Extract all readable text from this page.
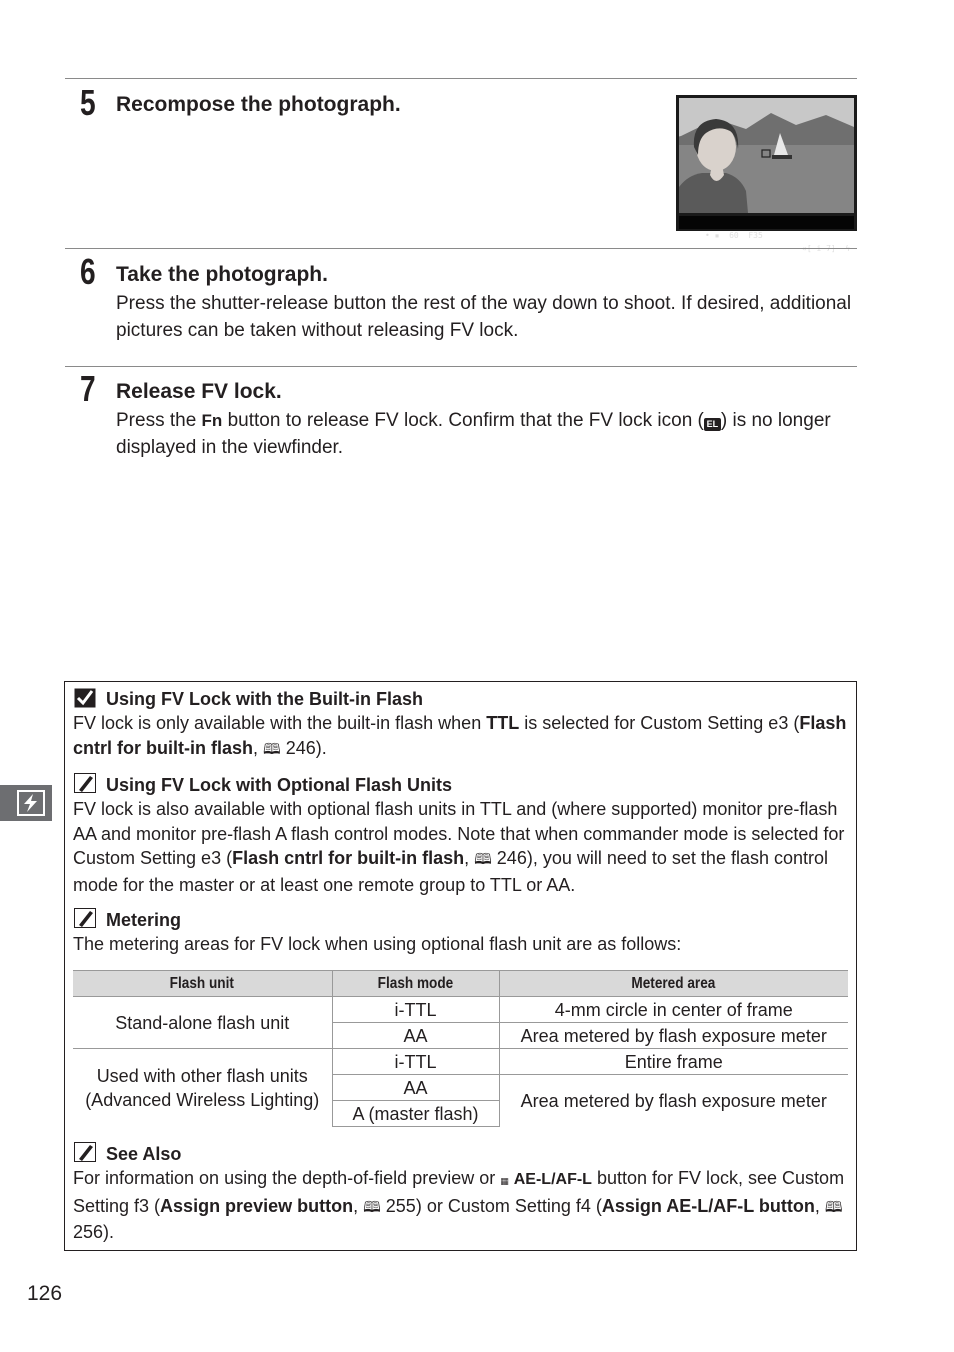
5 Recompose the photograph.

• ▪  60  F35

6 Take the photograph.
Press the shutter-release button the rest of the way down to shoot. If desired, additional pictures can be taken without releasing FV lock.
7 Release FV lock.
Press the Fn button to release FV lock. Confirm that the FV lock icon ( EL ) is no longer displayed in the viewfinder.
Using FV Lock with the Built-in Flash
FV lock is only available with the built-in flash when TTL is selected for Custom Setting e3 (Flash cntrl for built-in flash, 🕮 246).
Using FV Lock with Optional Flash Units
FV lock is also available with optional flash units in TTL and (where supported) monitor pre-flash AA and monitor pre-flash A flash control modes. Note that when commander mode is selected for Custom Setting e3 (Flash cntrl for built-in flash, 🕮 246), you will need to set the flash control mode for the master or at least one remote group to TTL or AA.
Metering
The metering areas for FV lock when using optional flash unit are as follows:
Flash unit	Flash mode	Metered area
Stand-alone flash unit	i-TTL	4-mm circle in center of frame
	AA	Area metered by flash exposure meter
Used with other flash units
(Advanced Wireless Lighting)	i-TTL	Entire frame
	AA	Area metered by flash exposure meter
	A (master flash)	
See Also
For information on using the depth-of-field preview or ▦ AE-L/AF-L button for FV lock, see Custom Setting f3 (Assign preview button, 🕮 255) or Custom Setting f4 (Assign AE-L/AF-L button, 🕮 256).
126
